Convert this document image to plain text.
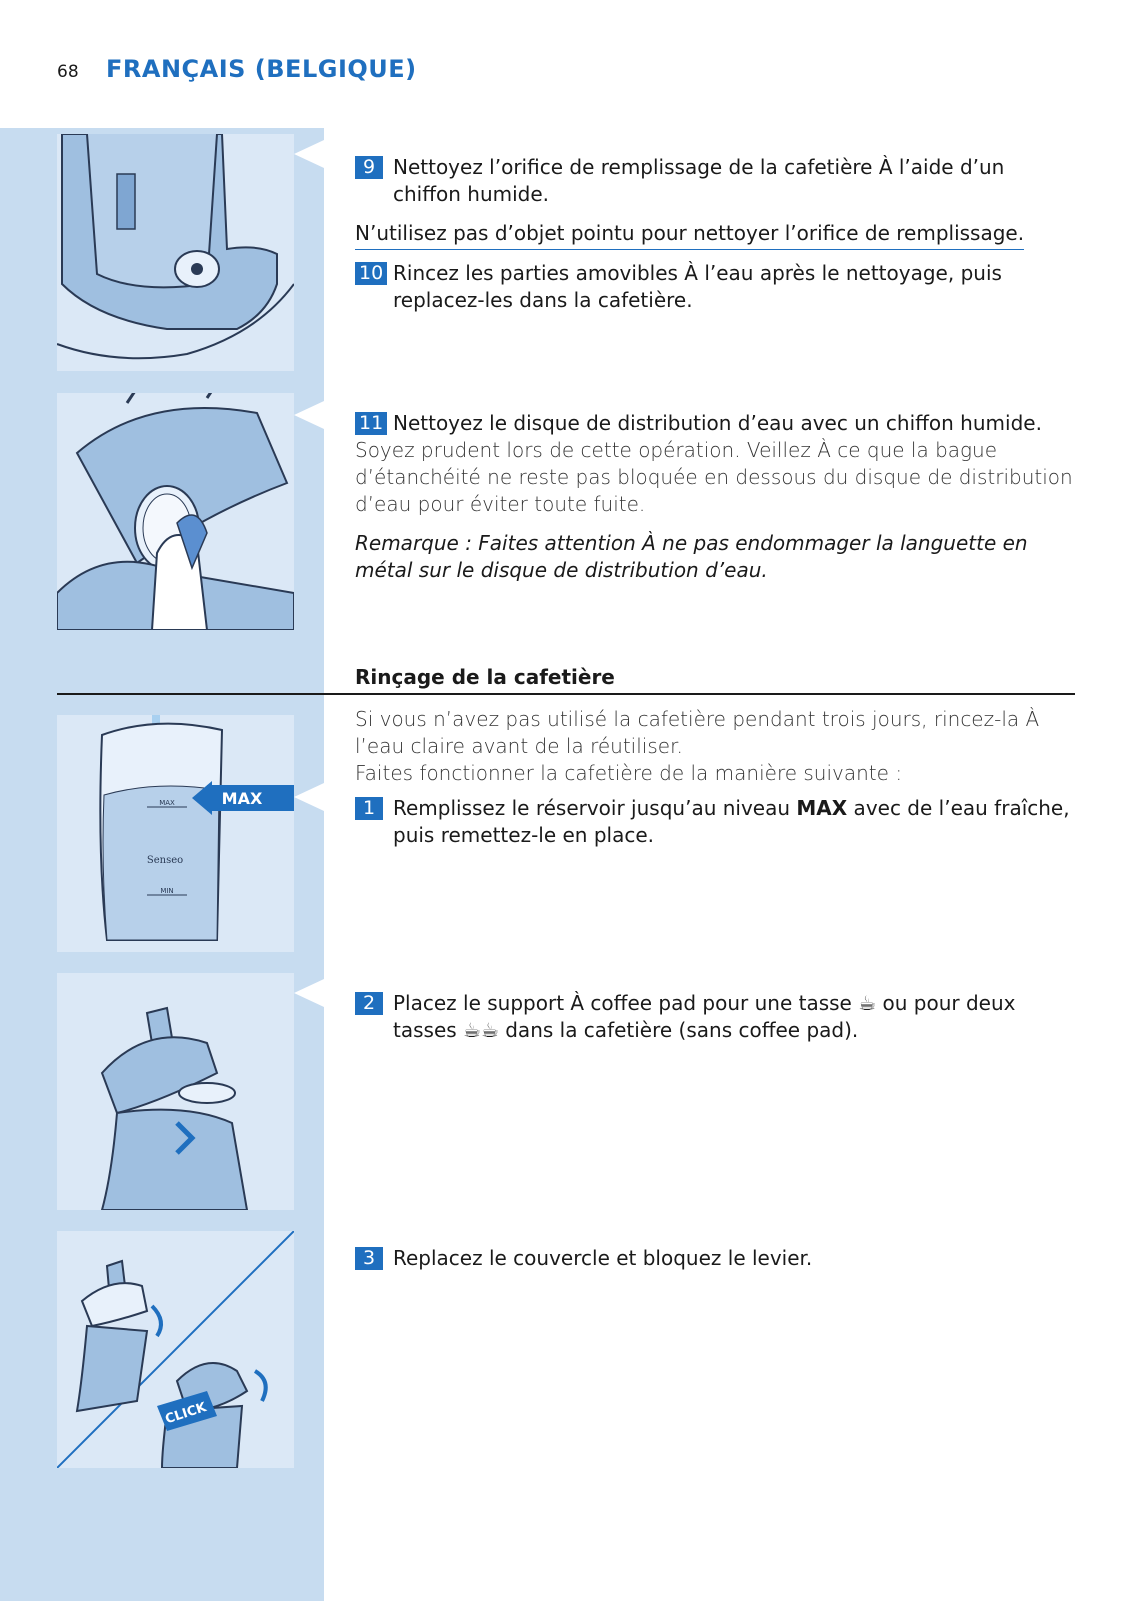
68 FRANÇAIS (BELGIQUE)
MAX
Senseo
MIN
MAX
CLICK

9 Nettoyez l’orifice de remplissage de la cafetière À l’aide d’un chiffon humide.

N’utilisez pas d’objet pointu pour nettoyer l’orifice de remplissage.

10 Rincez les parties amovibles À l’eau après le nettoyage, puis replacez-les dans la cafetière.

11 Nettoyez le disque de distribution d’eau avec un chiffon humide.

Soyez prudent lors de cette opération. Veillez À ce que la bague d’étanchéité ne reste pas bloquée en dessous du disque de distribution d’eau pour éviter toute fuite.

Remarque : Faites attention À ne pas endommager la languette en métal sur le disque de distribution d’eau.

Rinçage de la cafetière

Si vous n’avez pas utilisé la cafetière pendant trois jours, rincez-la À l’eau claire avant de la réutiliser.

Faites fonctionner la cafetière de la manière suivante :

1 Remplissez le réservoir jusqu’au niveau MAX avec de l’eau fraîche, puis remettez-le en place.

2 Placez le support À coffee pad pour une tasse ☕ ou pour deux tasses ☕☕ dans la cafetière (sans coffee pad).

3 Replacez le couvercle et bloquez le levier.
